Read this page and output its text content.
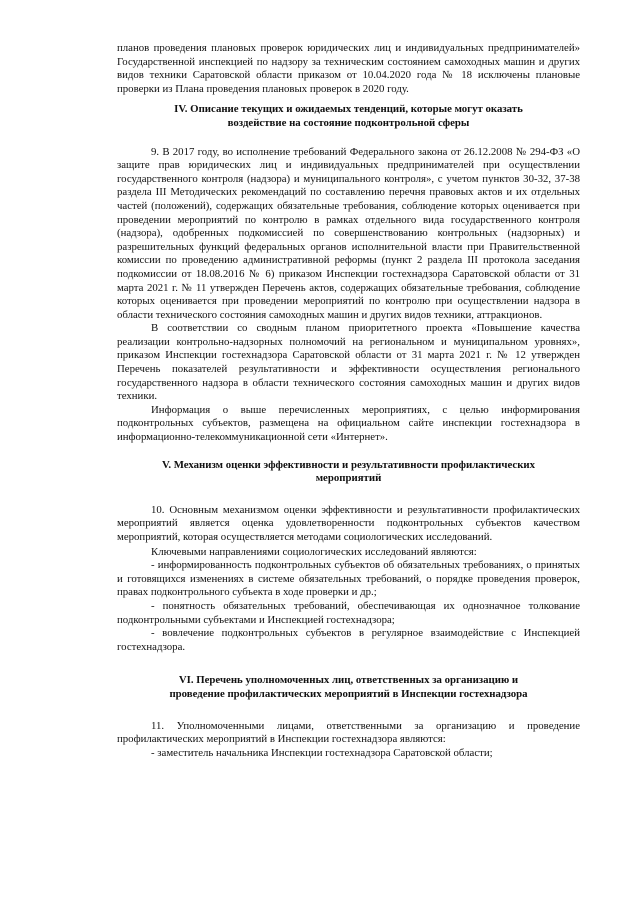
планов проведения плановых проверок юридических лиц и индивидуальных предпринимателей» Государственной инспекцией по надзору за техническим состоянием самоходных машин и других видов техники Саратовской области приказом от 10.04.2020 года № 18 исключены плановые проверки из Плана проведения плановых проверок в 2020 году.

IV. Описание текущих и ожидаемых тенденций, которые могут оказать
воздействие на состояние подконтрольной сферы

9. В 2017 году, во исполнение требований Федерального закона от 26.12.2008 № 294-ФЗ «О защите прав юридических лиц и индивидуальных предпринимателей при осуществлении государственного контроля (надзора) и муниципального контроля», с учетом пунктов 30-32, 37-38 раздела III Методических рекомендаций по составлению перечня правовых актов и их отдельных частей (положений), содержащих обязательные требования, соблюдение которых оценивается при проведении мероприятий по контролю в рамках отдельного вида государственного контроля (надзора), одобренных подкомиссией по совершенствованию контрольных (надзорных) и разрешительных функций федеральных органов исполнительной власти при Правительственной комиссии по проведению административной реформы (пункт 2 раздела III протокола заседания подкомиссии от 18.08.2016 № 6) приказом Инспекции гостехнадзора Саратовской области от 31 марта 2021 г. № 11 утвержден Перечень актов, содержащих обязательные требования, соблюдение которых оценивается при проведении мероприятий по контролю при осуществлении надзора в области технического состояния самоходных машин и других видов техники, аттракционов.

В соответствии со сводным планом приоритетного проекта «Повышение качества реализации контрольно-надзорных полномочий на региональном и муниципальном уровнях», приказом Инспекции гостехнадзора Саратовской области от 31 марта 2021 г. № 12 утвержден Перечень показателей результативности и эффективности осуществления регионального государственного надзора в области технического состояния самоходных машин и других видов техники.

Информация о выше перечисленных мероприятиях, с целью информирования подконтрольных субъектов, размещена на официальном сайте инспекции гостехнадзора в информационно-телекоммуникационной сети «Интернет».

V. Механизм оценки эффективности и результативности профилактических
мероприятий

10. Основным механизмом оценки эффективности и результативности профилактических мероприятий является оценка удовлетворенности подконтрольных субъектов качеством мероприятий, которая осуществляется методами социологических исследований.

Ключевыми направлениями социологических исследований являются:

- информированность подконтрольных субъектов об обязательных требованиях, о принятых и готовящихся изменениях в системе обязательных требований, о порядке проведения проверок, правах подконтрольного субъекта в ходе проверки и др.;

- понятность обязательных требований, обеспечивающая их однозначное толкование подконтрольными субъектами и Инспекцией гостехнадзора;

- вовлечение подконтрольных субъектов в регулярное взаимодействие с Инспекцией гостехнадзора.

VI. Перечень уполномоченных лиц, ответственных за организацию и
проведение профилактических мероприятий в Инспекции гостехнадзора

11. Уполномоченными лицами, ответственными за организацию и проведение профилактических мероприятий в Инспекции гостехнадзора являются:

- заместитель начальника Инспекции гостехнадзора Саратовской области;
